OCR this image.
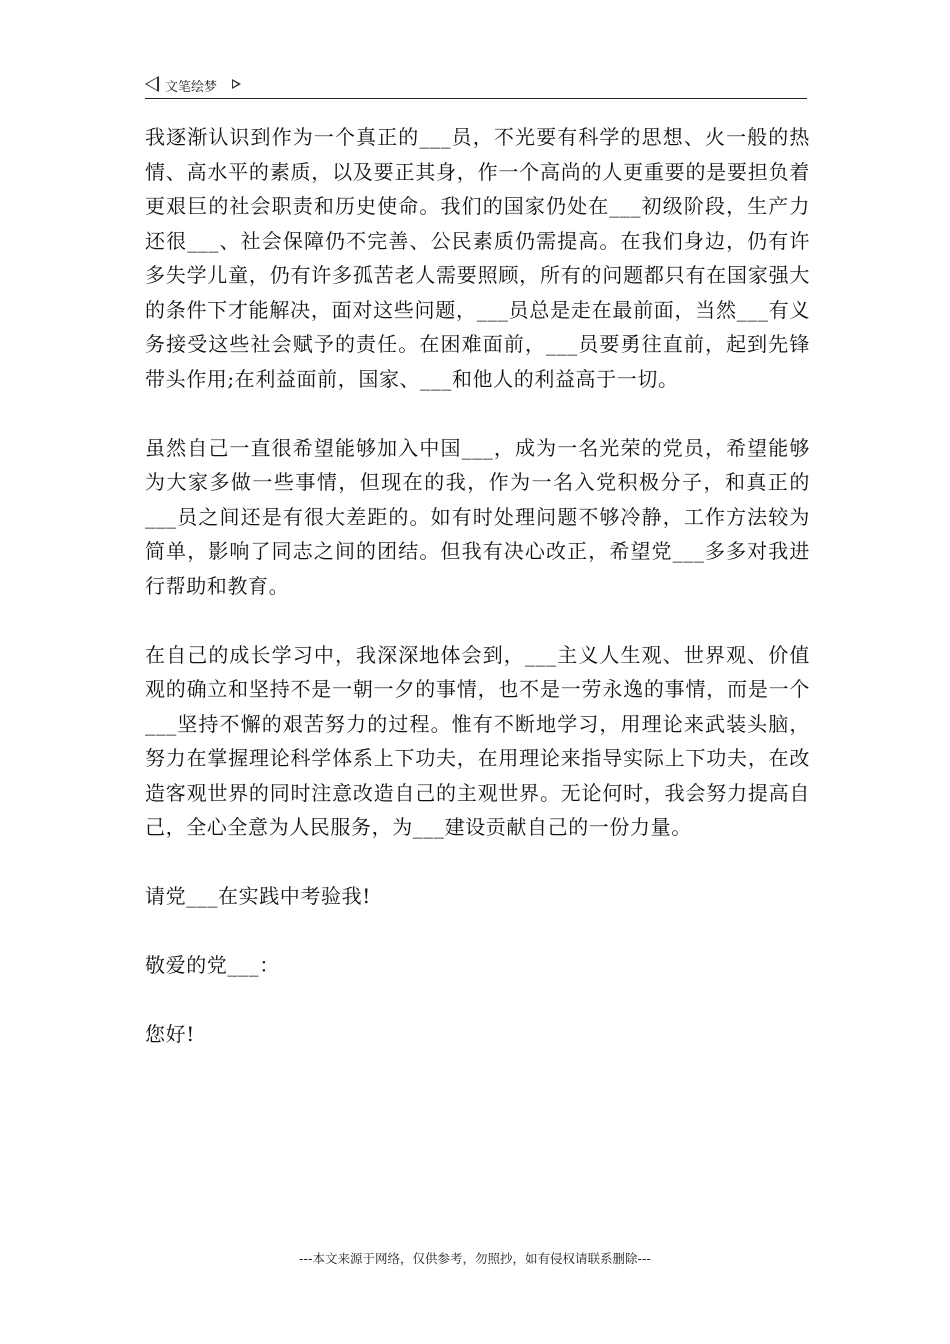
文笔绘梦

我逐渐认识到作为一个真正的___员，不光要有科学的思想、火一般的热情、高水平的素质，以及要正其身，作一个高尚的人更重要的是要担负着更艰巨的社会职责和历史使命。我们的国家仍处在___初级阶段，生产力还很___、社会保障仍不完善、公民素质仍需提高。在我们身边，仍有许多失学儿童，仍有许多孤苦老人需要照顾，所有的问题都只有在国家强大的条件下才能解决，面对这些问题，___员总是走在最前面，当然___有义务接受这些社会赋予的责任。在困难面前，___员要勇往直前，起到先锋带头作用;在利益面前，国家、___和他人的利益高于一切。

虽然自己一直很希望能够加入中国___，成为一名光荣的党员，希望能够为大家多做一些事情，但现在的我，作为一名入党积极分子，和真正的___员之间还是有很大差距的。如有时处理问题不够冷静，工作方法较为简单，影响了同志之间的团结。但我有决心改正，希望党___多多对我进行帮助和教育。

在自己的成长学习中，我深深地体会到，___主义人生观、世界观、价值观的确立和坚持不是一朝一夕的事情，也不是一劳永逸的事情，而是一个___坚持不懈的艰苦努力的过程。惟有不断地学习，用理论来武装头脑，努力在掌握理论科学体系上下功夫，在用理论来指导实际上下功夫，在改造客观世界的同时注意改造自己的主观世界。无论何时，我会努力提高自己，全心全意为人民服务，为___建设贡献自己的一份力量。

请党___在实践中考验我!

敬爱的党___：

您好!

---本文来源于网络，仅供参考，勿照抄，如有侵权请联系删除---
